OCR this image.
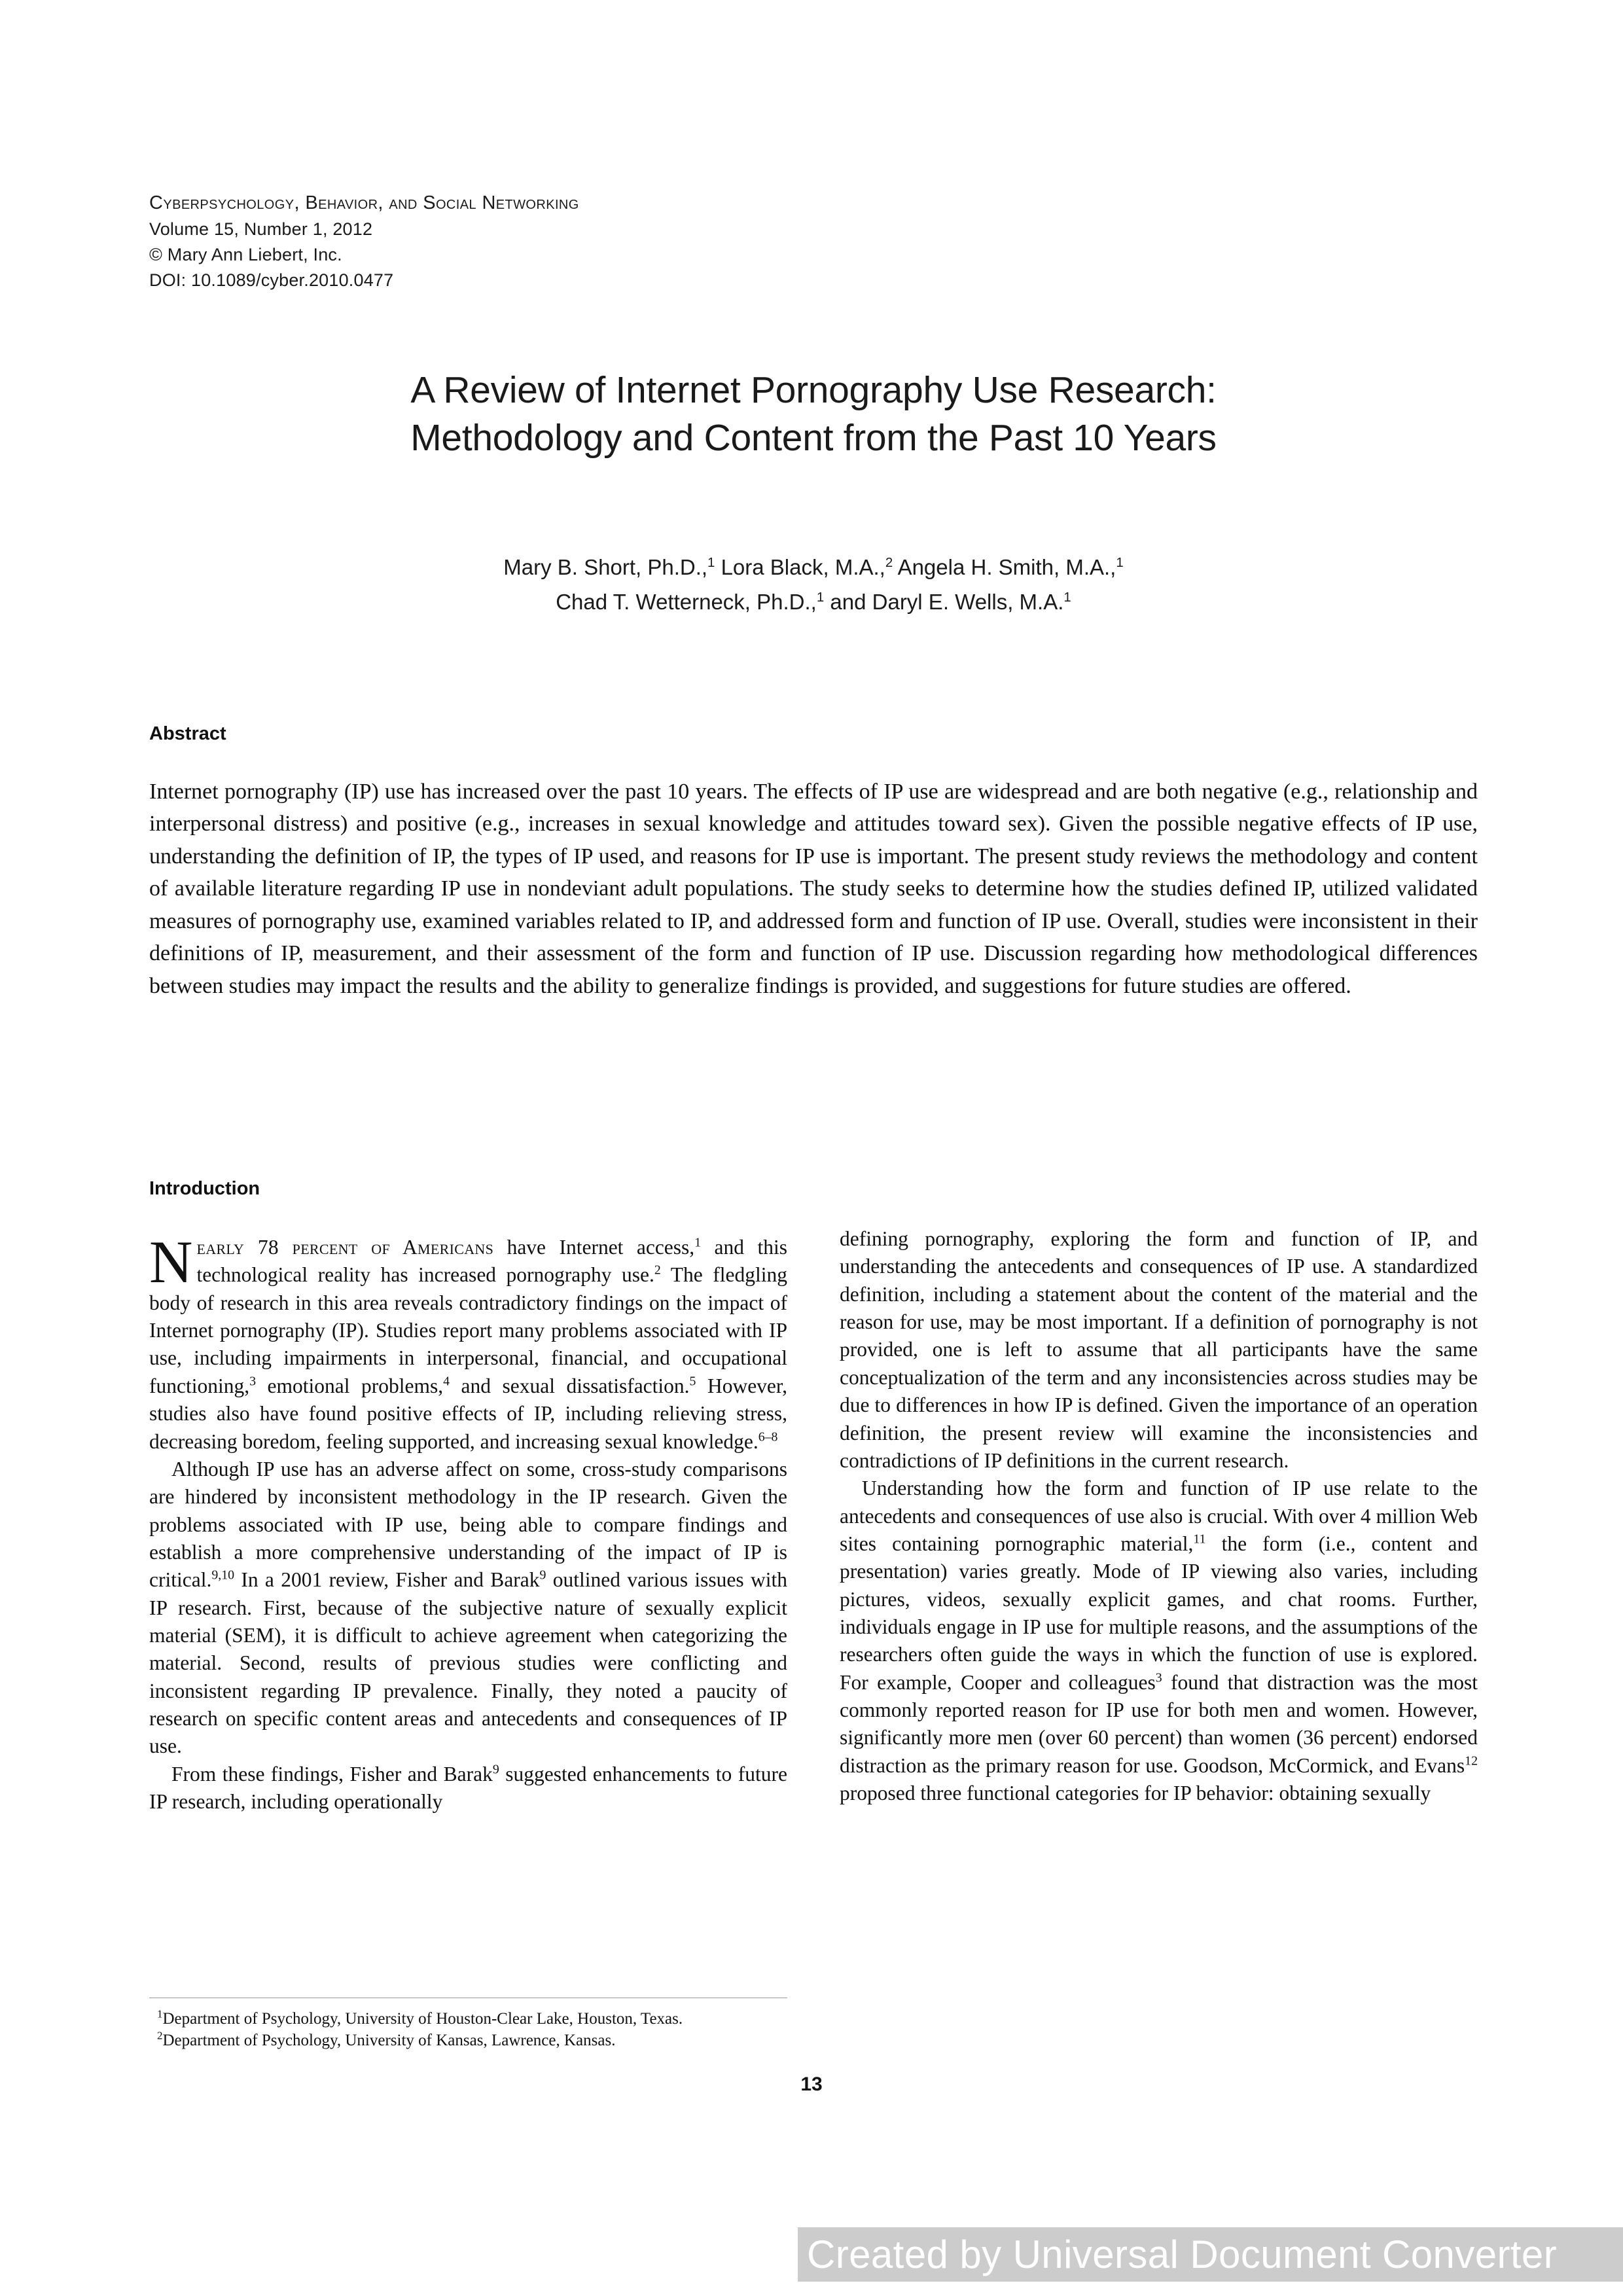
Cyberpsychology, Behavior, and Social Networking
Volume 15, Number 1, 2012
© Mary Ann Liebert, Inc.
DOI: 10.1089/cyber.2010.0477
A Review of Internet Pornography Use Research:
Methodology and Content from the Past 10 Years
Mary B. Short, Ph.D.,$^1$ Lora Black, M.A.,$^2$ Angela H. Smith, M.A.,$^1$
Chad T. Wetterneck, Ph.D.,$^1$ and Daryl E. Wells, M.A.$^1$
Abstract
Internet pornography (IP) use has increased over the past 10 years. The effects of IP use are widespread and are both negative (e.g., relationship and interpersonal distress) and positive (e.g., increases in sexual knowledge and attitudes toward sex). Given the possible negative effects of IP use, understanding the definition of IP, the types of IP used, and reasons for IP use is important. The present study reviews the methodology and content of available literature regarding IP use in nondeviant adult populations. The study seeks to determine how the studies defined IP, utilized validated measures of pornography use, examined variables related to IP, and addressed form and function of IP use. Overall, studies were inconsistent in their definitions of IP, measurement, and their assessment of the form and function of IP use. Discussion regarding how methodological differences between studies may impact the results and the ability to generalize findings is provided, and suggestions for future studies are offered.
Introduction

Nearly 78 percent of Americans have Internet access,$^1$ and this technological reality has increased pornography use.$^2$ The fledgling body of research in this area reveals contradictory findings on the impact of Internet pornography (IP). Studies report many problems associated with IP use, including impairments in interpersonal, financial, and occupational functioning,$^3$ emotional problems,$^4$ and sexual dissatisfaction.$^5$ However, studies also have found positive effects of IP, including relieving stress, decreasing boredom, feeling supported, and increasing sexual knowledge.$^{6-8}$

Although IP use has an adverse affect on some, cross-study comparisons are hindered by inconsistent methodology in the IP research. Given the problems associated with IP use, being able to compare findings and establish a more comprehensive understanding of the impact of IP is critical.$^{9,10}$ In a 2001 review, Fisher and Barak$^9$ outlined various issues with IP research. First, because of the subjective nature of sexually explicit material (SEM), it is difficult to achieve agreement when categorizing the material. Second, results of previous studies were conflicting and inconsistent regarding IP prevalence. Finally, they noted a paucity of research on specific content areas and antecedents and consequences of IP use.

From these findings, Fisher and Barak$^9$ suggested enhancements to future IP research, including operationally

defining pornography, exploring the form and function of IP, and understanding the antecedents and consequences of IP use. A standardized definition, including a statement about the content of the material and the reason for use, may be most important. If a definition of pornography is not provided, one is left to assume that all participants have the same conceptualization of the term and any inconsistencies across studies may be due to differences in how IP is defined. Given the importance of an operation definition, the present review will examine the inconsistencies and contradictions of IP definitions in the current research.

Understanding how the form and function of IP use relate to the antecedents and consequences of use also is crucial. With over 4 million Web sites containing pornographic material,$^{11}$ the form (i.e., content and presentation) varies greatly. Mode of IP viewing also varies, including pictures, videos, sexually explicit games, and chat rooms. Further, individuals engage in IP use for multiple reasons, and the assumptions of the researchers often guide the ways in which the function of use is explored. For example, Cooper and colleagues$^3$ found that distraction was the most commonly reported reason for IP use for both men and women. However, significantly more men (over 60 percent) than women (36 percent) endorsed distraction as the primary reason for use. Goodson, McCormick, and Evans$^{12}$ proposed three functional categories for IP behavior: obtaining sexually

$^1$Department of Psychology, University of Houston-Clear Lake, Houston, Texas.
$^2$Department of Psychology, University of Kansas, Lawrence, Kansas.
13
Created by Universal Document Converter
